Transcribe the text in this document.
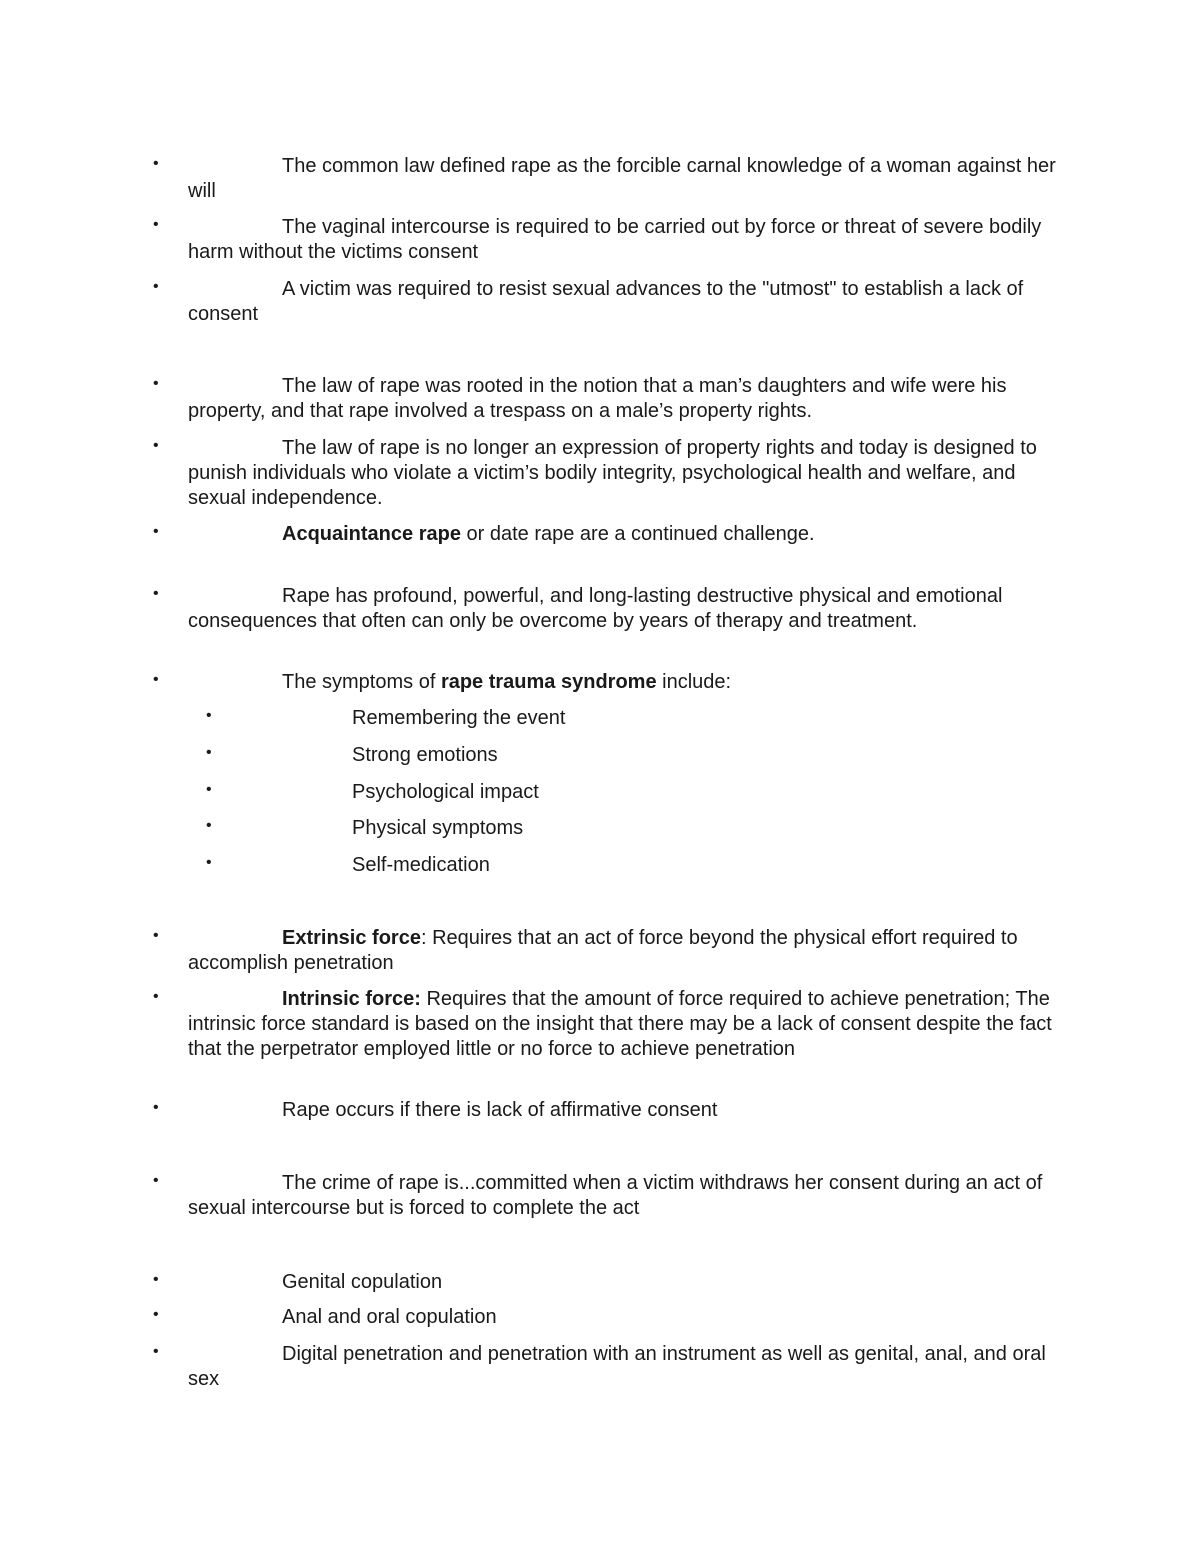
•	The common law defined rape as the forcible carnal knowledge of a woman against her will
•	The vaginal intercourse is required to be carried out by force or threat of severe bodily harm without the victims consent
•	A victim was required to resist sexual advances to the "utmost" to establish a lack of consent
•	The law of rape was rooted in the notion that a man’s daughters and wife were his property, and that rape involved a trespass on a male’s property rights.
•	The law of rape is no longer an expression of property rights and today is designed to punish individuals who violate a victim’s bodily integrity, psychological health and welfare, and sexual independence.
•	Acquaintance rape or date rape are a continued challenge.
•	Rape has profound, powerful, and long-lasting destructive physical and emotional consequences that often can only be overcome by years of therapy and treatment.
•	The symptoms of rape trauma syndrome include:
•	Remembering the event
•	Strong emotions
•	Psychological impact
•	Physical symptoms
•	Self-medication
•	Extrinsic force: Requires that an act of force beyond the physical effort required to accomplish penetration
•	Intrinsic force: Requires that the amount of force required to achieve penetration; The intrinsic force standard is based on the insight that there may be a lack of consent despite the fact that the perpetrator employed little or no force to achieve penetration
•	Rape occurs if there is lack of affirmative consent
•	The crime of rape is...committed when a victim withdraws her consent during an act of sexual intercourse but is forced to complete the act
•	Genital copulation
•	Anal and oral copulation
•	Digital penetration and penetration with an instrument as well as genital, anal, and oral sex
